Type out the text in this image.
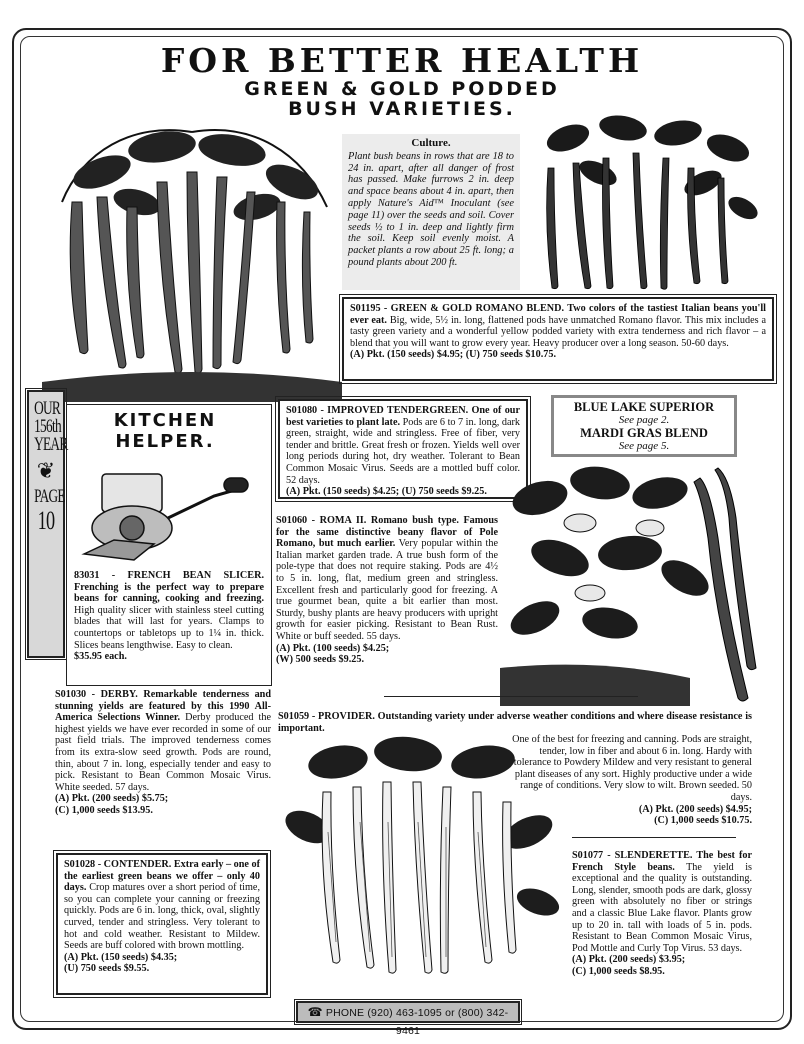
FOR BETTER HEALTH
GREEN & GOLD PODDED
BUSH VARIETIES.
Culture.
Plant bush beans in rows that are 18 to 24 in. apart, after all danger of frost has passed. Make furrows 2 in. deep and space beans about 4 in. apart, then apply Nature's Aid™ Inoculant (see page 11) over the seeds and soil. Cover seeds ½ to 1 in. deep and lightly firm the soil. Keep soil evenly moist. A packet plants a row about 25 ft. long; a pound plants about 200 ft.
S01195 - GREEN & GOLD ROMANO BLEND. Two colors of the tastiest Italian beans you'll ever eat. Big, wide, 5½ in. long, flattened pods have unmatched Romano flavor. This mix includes a tasty green variety and a wonderful yellow podded variety with extra tenderness and rich flavor – a blend that you will want to grow every year. Heavy producer over a long season. 50-60 days.
(A) Pkt. (150 seeds) $4.95; (U) 750 seeds $10.75.
OUR
156th
YEAR
❦
PAGE
10
KITCHEN
HELPER.
83031 - FRENCH BEAN SLICER. Frenching is the perfect way to prepare beans for canning, cooking and freezing. High quality slicer with stainless steel cutting blades that will last for years. Clamps to countertops or tabletops up to 1¼ in. thick. Slices beans lengthwise. Easy to clean.
$35.95 each.
S01080 - IMPROVED TENDERGREEN. One of our best varieties to plant late. Pods are 6 to 7 in. long, dark green, straight, wide and stringless. Free of fiber, very tender and brittle. Great fresh or frozen. Yields well over long periods during hot, dry weather. Tolerant to Bean Common Mosaic Virus. Seeds are a mottled buff color. 52 days.
(A) Pkt. (150 seeds) $4.25; (U) 750 seeds $9.25.
BLUE LAKE SUPERIOR
See page 2.
MARDI GRAS BLEND
See page 5.
S01060 - ROMA II. Romano bush type. Famous for the same distinctive beany flavor of Pole Romano, but much earlier. Very popular within the Italian market garden trade. A true bush form of the pole-type that does not require staking. Pods are 4½ to 5 in. long, flat, medium green and stringless. Excellent fresh and particularly good for freezing. A true gourmet bean, quite a bit earlier than most. Sturdy, bushy plants are heavy producers with upright growth for easier picking. Resistant to Bean Rust. White or buff seeded. 55 days.
(A) Pkt. (100 seeds) $4.25;
(W) 500 seeds $9.25.
S01030 - DERBY. Remarkable tenderness and stunning yields are featured by this 1990 All-America Selections Winner. Derby produced the highest yields we have ever recorded in some of our past field trials. The improved tenderness comes from its extra-slow seed growth. Pods are round, thin, about 7 in. long, especially tender and easy to pick. Resistant to Bean Common Mosaic Virus. White seeded. 57 days.
(A) Pkt. (200 seeds) $5.75;
(C) 1,000 seeds $13.95.
S01059 - PROVIDER. Outstanding variety under adverse weather conditions and where disease resistance is important.
One of the best for freezing and canning. Pods are straight, tender, low in fiber and about 6 in. long. Hardy with tolerance to Powdery Mildew and very resistant to general plant diseases of any sort. Highly productive under a wide range of conditions. Very slow to wilt. Brown seeded. 50 days.
(A) Pkt. (200 seeds) $4.95;
(C) 1,000 seeds $10.75.
S01028 - CONTENDER. Extra early – one of the earliest green beans we offer – only 40 days. Crop matures over a short period of time, so you can complete your canning or freezing quickly. Pods are 6 in. long, thick, oval, slightly curved, tender and stringless. Very tolerant to hot and cold weather. Resistant to Mildew. Seeds are buff colored with brown mottling.
(A) Pkt. (150 seeds) $4.35;
(U) 750 seeds $9.55.
S01077 - SLENDERETTE. The best for French Style beans. The yield is exceptional and the quality is outstanding. Long, slender, smooth pods are dark, glossy green with absolutely no fiber or strings and a classic Blue Lake flavor. Plants grow up to 20 in. tall with loads of 5 in. pods. Resistant to Bean Common Mosaic Virus, Pod Mottle and Curly Top Virus. 53 days.
(A) Pkt. (200 seeds) $3.95;
(C) 1,000 seeds $8.95.
☎ PHONE (920) 463-1095 or (800) 342-9461
